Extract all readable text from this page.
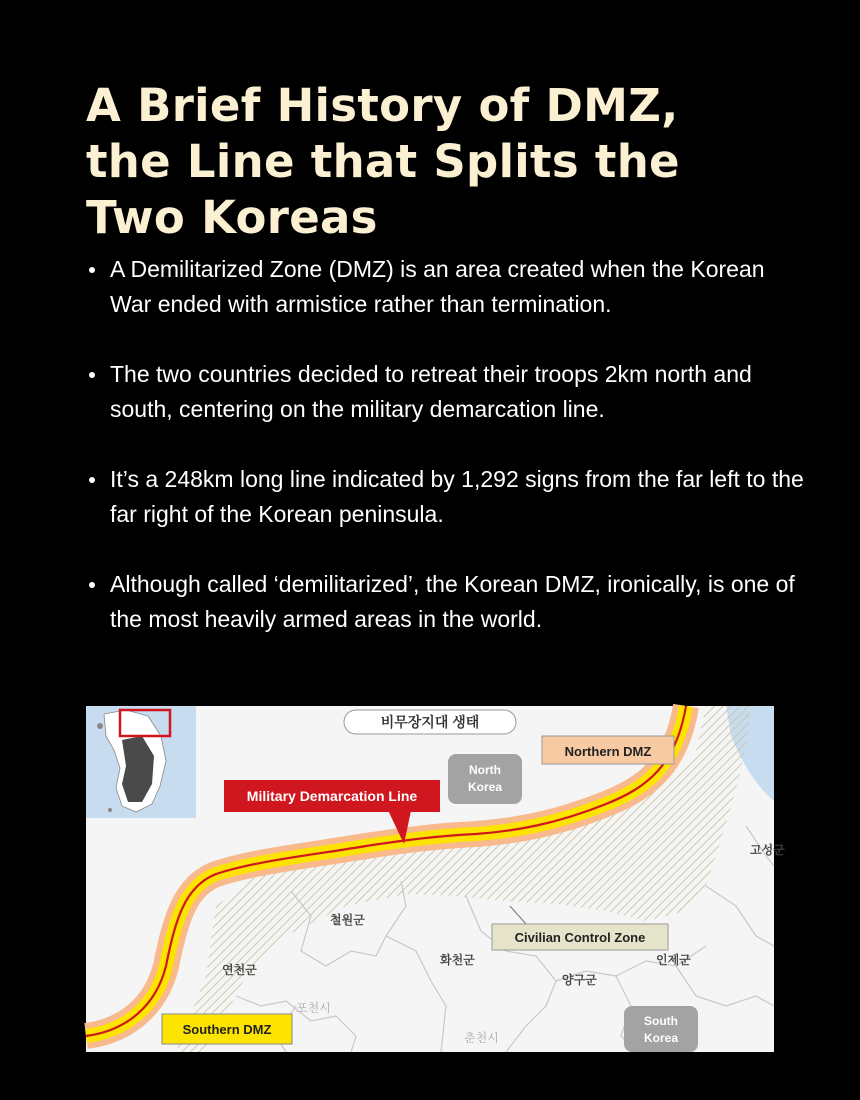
A Brief History of DMZ,
the Line that Splits the
Two Koreas
A Demilitarized Zone (DMZ) is an area created when the Korean War ended with armistice rather than termination.
The two countries decided to retreat their troops 2km north and south, centering on the military demarcation line.
It’s a 248km long line indicated by 1,292 signs from the far left to the far right of the Korean peninsula.
Although called ‘demilitarized’, the Korean DMZ, ironically, is one of the most heavily armed areas in the world.
비무장지대 생태
North
Korea
Northern DMZ
Military Demarcation Line
Civilian Control Zone
Southern DMZ
South
Korea
고성군
철원군
화천군
연천군
인제군
양구군
포천시
춘천시
